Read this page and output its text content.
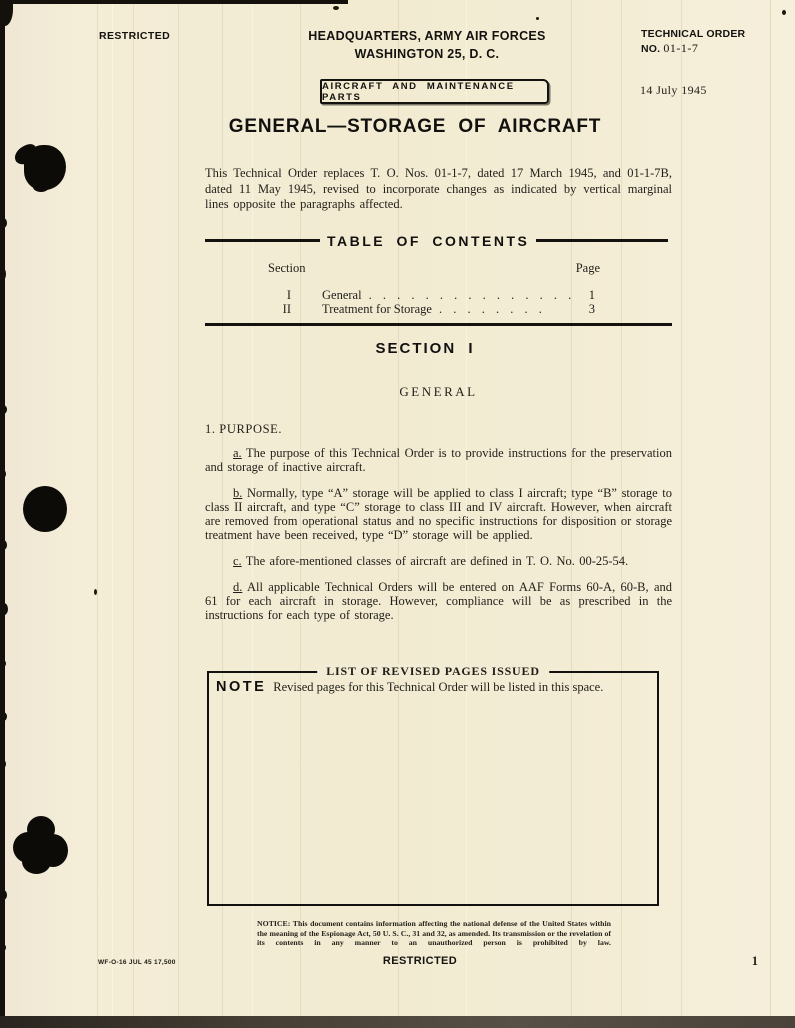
RESTRICTED	HEADQUARTERS, ARMY AIR FORCES
WASHINGTON 25, D. C.
TECHNICAL ORDER
NO. 01-1-7
AIRCRAFT AND MAINTENANCE PARTS	14 July 1945
GENERAL—STORAGE OF AIRCRAFT
This Technical Order replaces T. O. Nos. 01-1-7, dated 17 March 1945, and 01-1-7B, dated 11 May 1945, revised to incorporate changes as indicated by vertical marginal lines opposite the paragraphs affected.
TABLE OF CONTENTS
Section	Page
I General . . . . . . . . . . . . . . . 1
II Treatment for Storage . . . . . . . .	3
SECTION I
GENERAL
1. PURPOSE.

a. The purpose of this Technical Order is to provide instructions for the preservation and storage of inactive aircraft.

b. Normally, type “A” storage will be applied to class I aircraft; type “B” storage to class II aircraft, and type “C” storage to class III and IV aircraft. However, when aircraft are removed from operational status and no specific instructions for disposition or storage treatment have been received, type “D” storage will be applied.

c. The afore-mentioned classes of aircraft are defined in T. O. No. 00-25-54.

d. All applicable Technical Orders will be entered on AAF Forms 60-A, 60-B, and 61 for each aircraft in storage. However, compliance will be as prescribed in the instructions for each type of storage.

LIST OF REVISED PAGES ISSUED
NOTE Revised pages for this Technical Order will be listed in this space.
NOTICE: This document contains information affecting the national defense of the United States within the meaning of the Espionage Act, 50 U. S. C., 31 and 32, as amended. Its transmission or the revelation of its contents in any manner to an unauthorized person is prohibited by law.
WF-O-16 JUL 45 17,500	RESTRICTED	1
